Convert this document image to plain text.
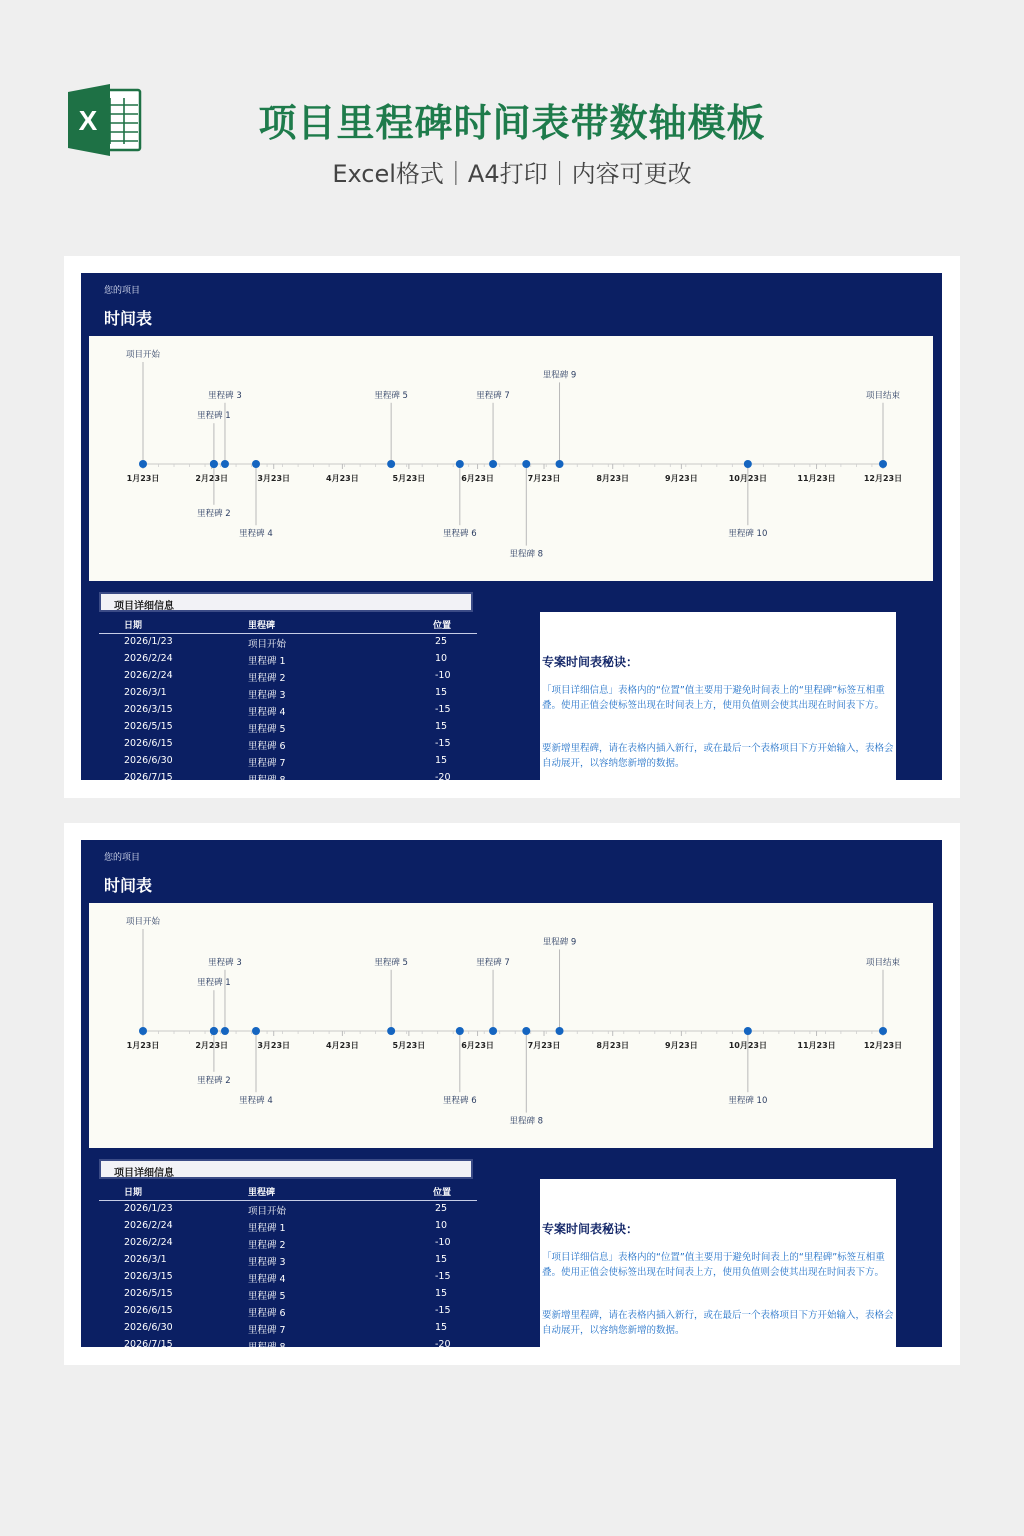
X	项目里程碑时间表带数轴模板
Excel格式｜A4打印｜内容可更改
您的项目
时间表
1月23日	2月23日	3月23日	4月23日	5月23日	6月23日	7月23日	8月23日	9月23日	10月23日	11月23日	12月23日
项目开始
里程碑 1
里程碑 2
里程碑 3
里程碑 4
里程碑 5
里程碑 6
里程碑 7
里程碑 8
里程碑 9
里程碑 10
项目结束
项目详细信息
日期	里程碑	位置
2026/1/23	项目开始	25
2026/2/24	里程碑 1	10
2026/2/24	里程碑 2	-10
2026/3/1	里程碑 3	15
2026/3/15	里程碑 4	-15
2026/5/15	里程碑 5	15
2026/6/15	里程碑 6	-15
2026/6/30	里程碑 7	15
2026/7/15	里程碑 8	-20
专案时间表秘诀：
「项目详细信息」表格内的“位置”值主要用于避免时间表上的“里程碑”标签互相重叠。使用正值会使标签出现在时间表上方，使用负值则会使其出现在时间表下方。
要新增里程碑，请在表格内插入新行，或在最后一个表格项目下方开始输入，表格会自动展开，以容纳您新增的数据。
您的项目
时间表
1月23日	2月23日	3月23日	4月23日	5月23日	6月23日	7月23日	8月23日	9月23日	10月23日	11月23日	12月23日
项目开始
里程碑 1
里程碑 2
里程碑 3
里程碑 4
里程碑 5
里程碑 6
里程碑 7
里程碑 8
里程碑 9
里程碑 10
项目结束
项目详细信息
日期	里程碑	位置
2026/1/23	项目开始	25
2026/2/24	里程碑 1	10
2026/2/24	里程碑 2	-10
2026/3/1	里程碑 3	15
2026/3/15	里程碑 4	-15
2026/5/15	里程碑 5	15
2026/6/15	里程碑 6	-15
2026/6/30	里程碑 7	15
2026/7/15	里程碑 8	-20
专案时间表秘诀：
「项目详细信息」表格内的“位置”值主要用于避免时间表上的“里程碑”标签互相重叠。使用正值会使标签出现在时间表上方，使用负值则会使其出现在时间表下方。
要新增里程碑，请在表格内插入新行，或在最后一个表格项目下方开始输入，表格会自动展开，以容纳您新增的数据。
